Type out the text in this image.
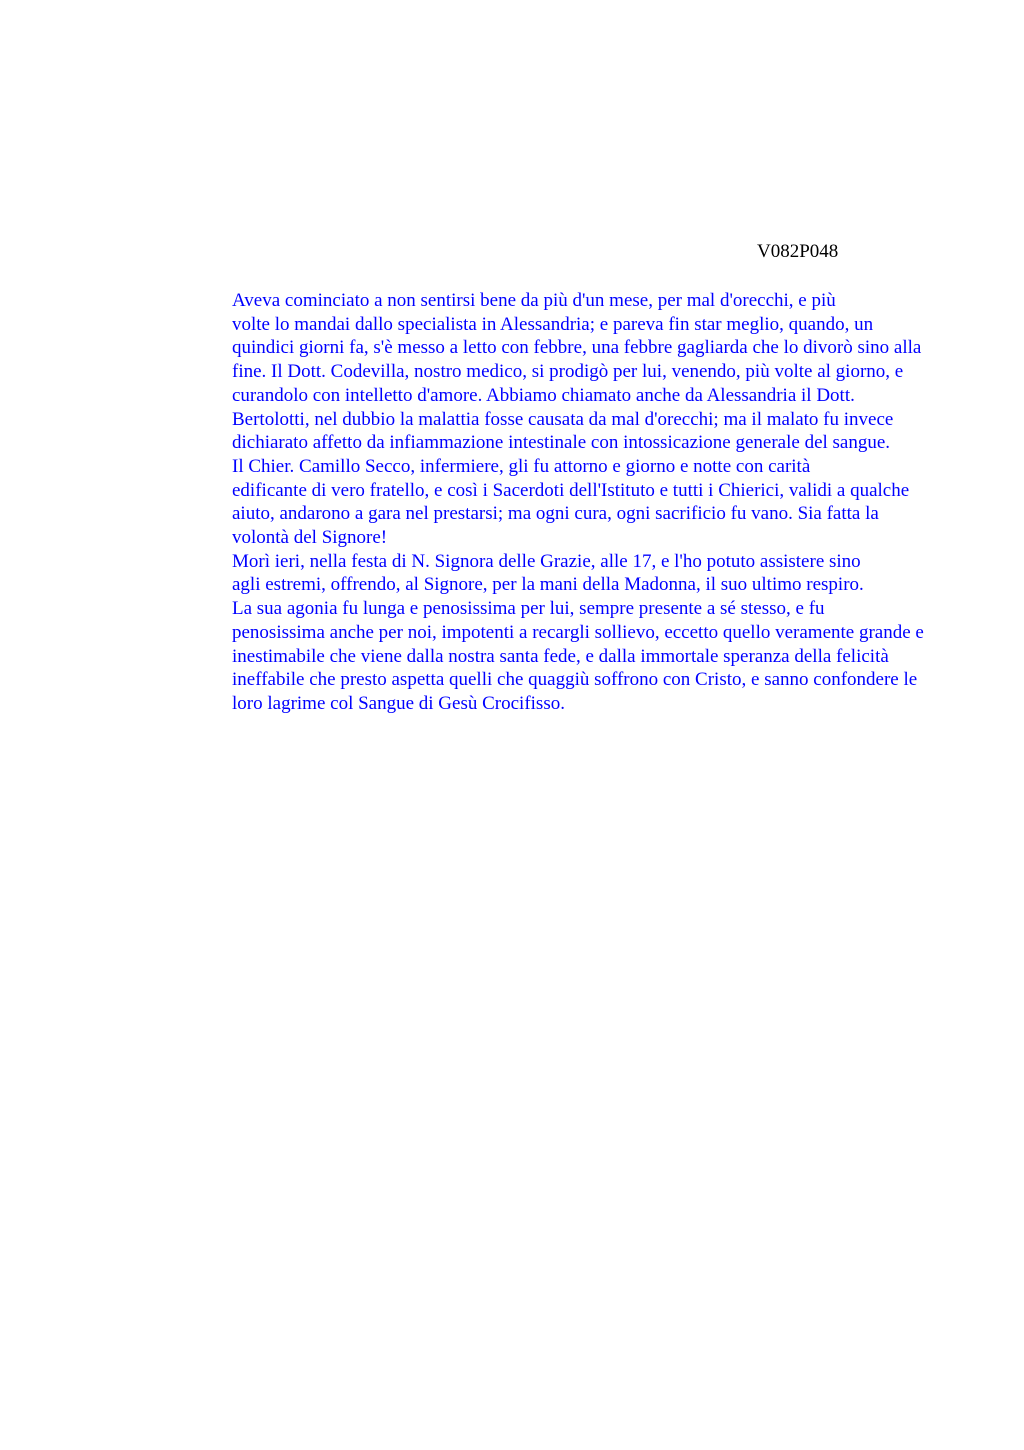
V082P048

Aveva cominciato a non sentirsi bene da più d'un mese, per mal d'orecchi, e più
volte lo mandai dallo specialista in Alessandria; e pareva fin star meglio, quando, un
quindici giorni fa, s'è messo a letto con febbre, una febbre gagliarda che lo divorò sino alla
fine. Il Dott. Codevilla, nostro medico, si prodigò per lui, venendo, più volte al giorno, e
curandolo con intelletto d'amore. Abbiamo chiamato anche da Alessandria il Dott.
Bertolotti, nel dubbio la malattia fosse causata da mal d'orecchi; ma il malato fu invece
dichiarato affetto da infiammazione intestinale con intossicazione generale del sangue.

Il Chier. Camillo Secco, infermiere, gli fu attorno e giorno e notte con carità
edificante di vero fratello, e così i Sacerdoti dell'Istituto e tutti i Chierici, validi a qualche
aiuto, andarono a gara nel prestarsi; ma ogni cura, ogni sacrificio fu vano. Sia fatta la
volontà del Signore!

Morì ieri, nella festa di N. Signora delle Grazie, alle 17, e l'ho potuto assistere sino
agli estremi, offrendo, al Signore, per la mani della Madonna, il suo ultimo respiro.

La sua agonia fu lunga e penosissima per lui, sempre presente a sé stesso, e fu
penosissima anche per noi, impotenti a recargli sollievo, eccetto quello veramente grande e
inestimabile che viene dalla nostra santa fede, e dalla immortale speranza della felicità
ineffabile che presto aspetta quelli che quaggiù soffrono con Cristo, e sanno confondere le
loro lagrime col Sangue di Gesù Crocifisso.
